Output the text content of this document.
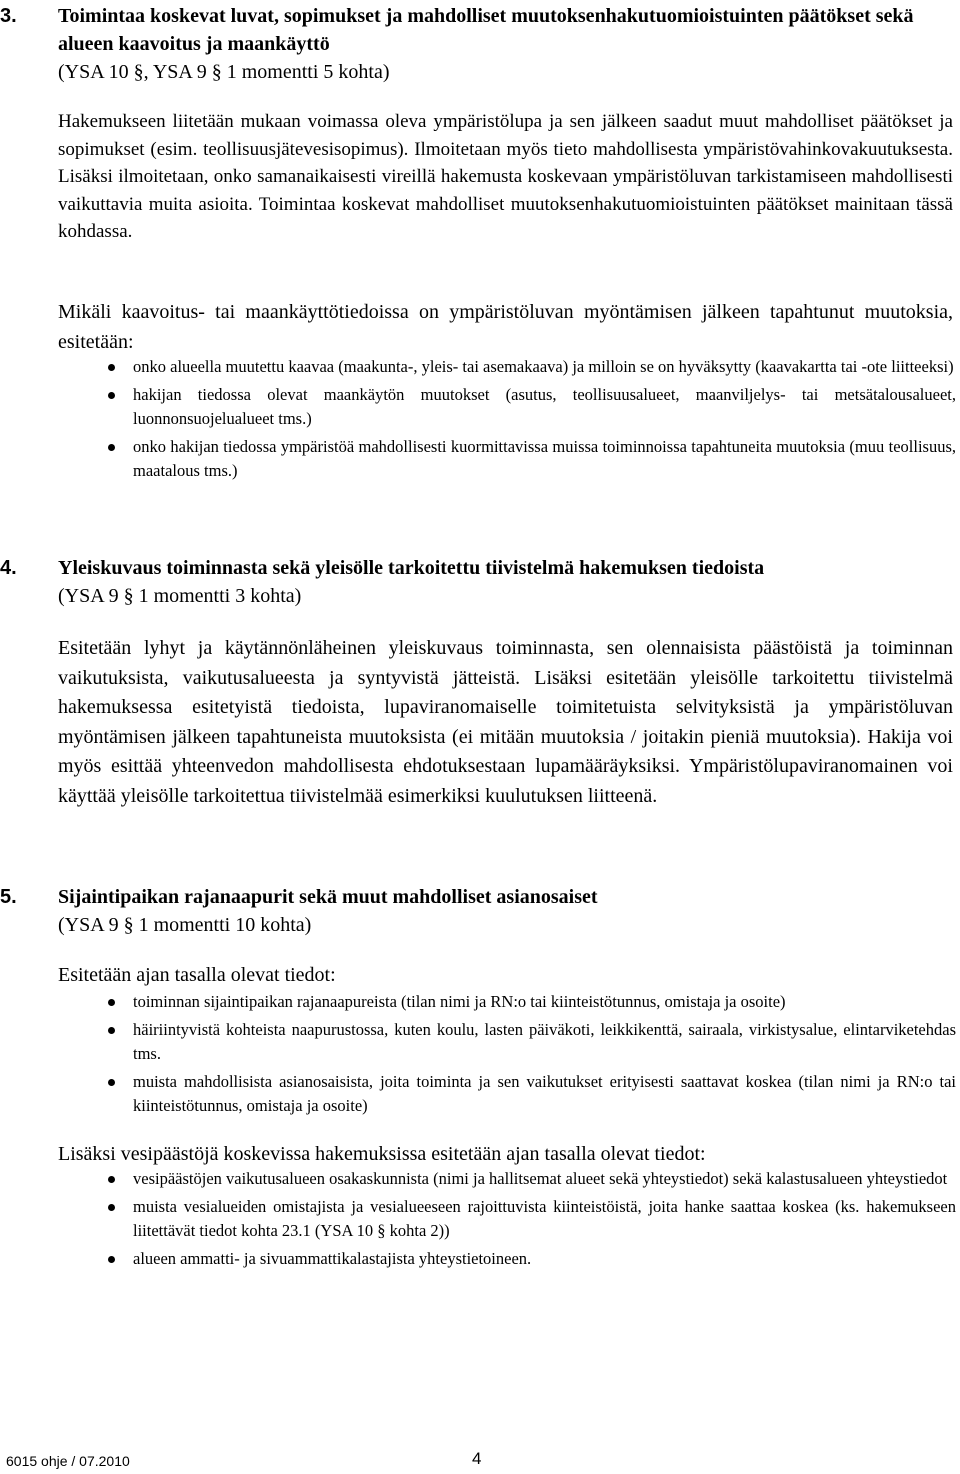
3. Toimintaa koskevat luvat, sopimukset ja mahdolliset muutoksenhakutuomioistuinten päätökset sekä alueen kaavoitus ja maankäyttö
(YSA 10 §, YSA 9 § 1 momentti 5 kohta)
Hakemukseen liitetään mukaan voimassa oleva ympäristölupa ja sen jälkeen saadut muut mahdolliset päätökset ja sopimukset (esim. teollisuusjätevesisopimus). Ilmoitetaan myös tieto mahdollisesta ympäristövahinkovakuutuksesta. Lisäksi ilmoitetaan, onko samanaikaisesti vireillä hakemusta koskevaan ympäristöluvan tarkistamiseen mahdollisesti vaikuttavia muita asioita. Toimintaa koskevat mahdolliset muutoksenhakutuomioistuinten päätökset mainitaan tässä kohdassa.
Mikäli kaavoitus- tai maankäyttötiedoissa on ympäristöluvan myöntämisen jälkeen tapahtunut muutoksia, esitetään:
onko alueella muutettu kaavaa (maakunta-, yleis- tai asemakaava) ja milloin se on hyväksytty (kaavakartta tai -ote liitteeksi)
hakijan tiedossa olevat maankäytön muutokset (asutus, teollisuusalueet, maanviljelys- tai metsätalousalueet, luonnonsuojelualueet tms.)
onko hakijan tiedossa ympäristöä mahdollisesti kuormittavissa muissa toiminnoissa tapahtuneita muutoksia (muu teollisuus, maatalous tms.)
4. Yleiskuvaus toiminnasta sekä yleisölle tarkoitettu tiivistelmä hakemuksen tiedoista
(YSA 9 § 1 momentti 3 kohta)
Esitetään lyhyt ja käytännönläheinen yleiskuvaus toiminnasta, sen olennaisista päästöistä ja toiminnan vaikutuksista, vaikutusalueesta ja syntyvistä jätteistä. Lisäksi esitetään yleisölle tarkoitettu tiivistelmä hakemuksessa esitetyistä tiedoista, lupaviranomaiselle toimitetuista selvityksistä ja ympäristöluvan myöntämisen jälkeen tapahtuneista muutoksista (ei mitään muutoksia / joitakin pieniä muutoksia). Hakija voi myös esittää yhteenvedon mahdollisesta ehdotuksestaan lupamääräyksiksi. Ympäristölupaviranomainen voi käyttää yleisölle tarkoitettua tiivistelmää esimerkiksi kuulutuksen liitteenä.
5. Sijaintipaikan rajanaapurit sekä muut mahdolliset asianosaiset
(YSA 9 § 1 momentti 10 kohta)
Esitetään ajan tasalla olevat tiedot:
toiminnan sijaintipaikan rajanaapureista (tilan nimi ja RN:o tai kiinteistötunnus, omistaja ja osoite)
häiriintyvistä kohteista naapurustossa, kuten koulu, lasten päiväkoti, leikkikenttä, sairaala, virkistysalue, elintarviketehdas tms.
muista mahdollisista asianosaisista, joita toiminta ja sen vaikutukset erityisesti saattavat koskea (tilan nimi ja RN:o tai kiinteistötunnus, omistaja ja osoite)
Lisäksi vesipäästöjä koskevissa hakemuksissa esitetään ajan tasalla olevat tiedot:
vesipäästöjen vaikutusalueen osakaskunnista (nimi ja hallitsemat alueet sekä yhteystiedot) sekä kalastusalueen yhteystiedot
muista vesialueiden omistajista ja vesialueeseen rajoittuvista kiinteistöistä, joita hanke saattaa koskea (ks. hakemukseen liitettävät tiedot kohta 23.1 (YSA 10 § kohta 2))
alueen ammatti- ja sivuammattikalastajista yhteystietoineen.
6015 ohje / 07.2010	4
